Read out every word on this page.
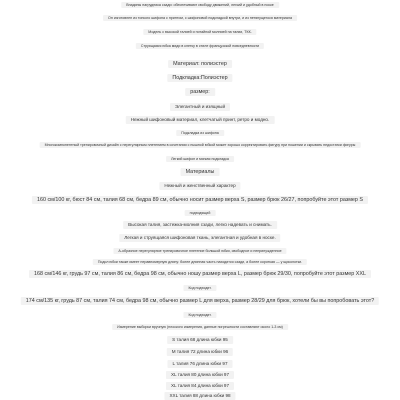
Впадины нагрудника сзади: обеспечивают свободу движений, легкий и удобный в носке
Он изготовлен из тонкого шифона с принтом, с шифоновой подкладкой внутри, и из нетянущегося материала
Модель с высокой талией и потайной молнией на талии, ТКК.
Струящаяся юбка миди в клетку в стиле французской повседневности
Материал: полиэстер
Подкладка:Полиэстер
размер:
Элегантный и изящный
Нежный шифоновый материал, клетчатый принт, ретро и модно.
Подкладка из шифона
Многокомпонентный тренировочный дизайн с нерегулярным плетением в сочетании с пышной юбкой может хорошо корректировать фигуру при ношении и скрывать недостатки фигуры
Легкий шифон и мягкая подкладка
Материалы
Нежный и женственный характер
160 см/100 кг, бюст 84 см, талия 68 см, бедра 89 см, обычно носит размер верха S, размер брюк 26/27, попробуйте этот размер S
подходящий
Высокая талия, застежка-молния сзади, легко надевать и снимать.
Легкая и струящаяся шифоновая ткань, элегантная и удобная в носке.
А-образное нерегулярное тренировочное плетение большой юбки, свободное и непринужденное
Подол юбки также имеет неравномерную длину: более длинная часть находится сзади, а более короткая — у щиколотки.
168 см/146 кг, грудь 97 см, талия 86 см, бедра 98 см, обычно ношу размер верха L, размер брюк 29/30, попробуйте этот размер XXL
Код подходит.
174 см/135 кг, грудь 87 см, талия 74 см, бедра 98 см, обычно размер L для верха, размер 28/29 для брюк, хотели бы вы попробовать этот?
Код подходит.
Измерение выборки вручную (плоского измерения, данные погрешности составляют около 1-3 см)
S талия 68 длина юбки 95
M талия 72 длина юбки 96
L талия 76 длина юбки 97
XL талия 80 длина юбки 97
XL талия 84 длина юбки 97
XXL талия 88 длина юбки 98
